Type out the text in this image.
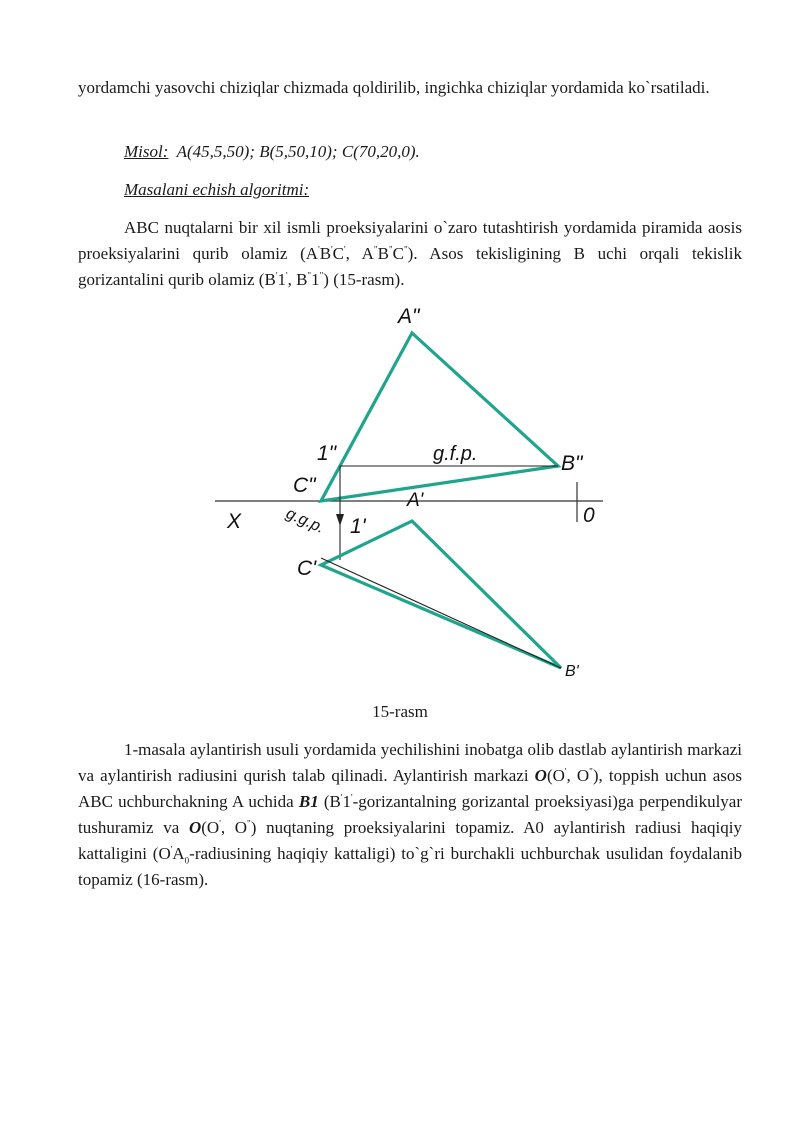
yordamchi yasovchi chiziqlar chizmada qoldirilib, ingichka chiziqlar yordamida ko`rsatiladi.

Misol: A(45,5,50); B(5,50,10); C(70,20,0).

Masalani echish algoritmi:

ABC nuqtalarni bir xil ismli proeksiyalarini o`zaro tutashtirish yordamida piramida aosis proeksiyalarini qurib olamiz (A'B'C', A"B"C"). Asos tekisligining B uchi orqali tekislik gorizantalini qurib olamiz (B'1', B"1") (15-rasm).

A"
B"
C"
1"	g.f.p.
A'
B'
C'
1'
g.g.p.
X	0

15-rasm

1-masala aylantirish usuli yordamida yechilishini inobatga olib dastlab aylantirish markazi va aylantirish radiusini qurish talab qilinadi. Aylantirish markazi O(O', O"), toppish uchun asos ABC uchburchakning A uchida B1 (B'1'-gorizantalning gorizantal proeksiyasi)ga perpendikulyar tushuramiz va O(O', O") nuqtaning proeksiyalarini topamiz. A0 aylantirish radiusi haqiqiy kattaligini ($O'A_0$-radiusining haqiqiy kattaligi) to`g`ri burchakli uchburchak usulidan foydalanib topamiz (16-rasm).
